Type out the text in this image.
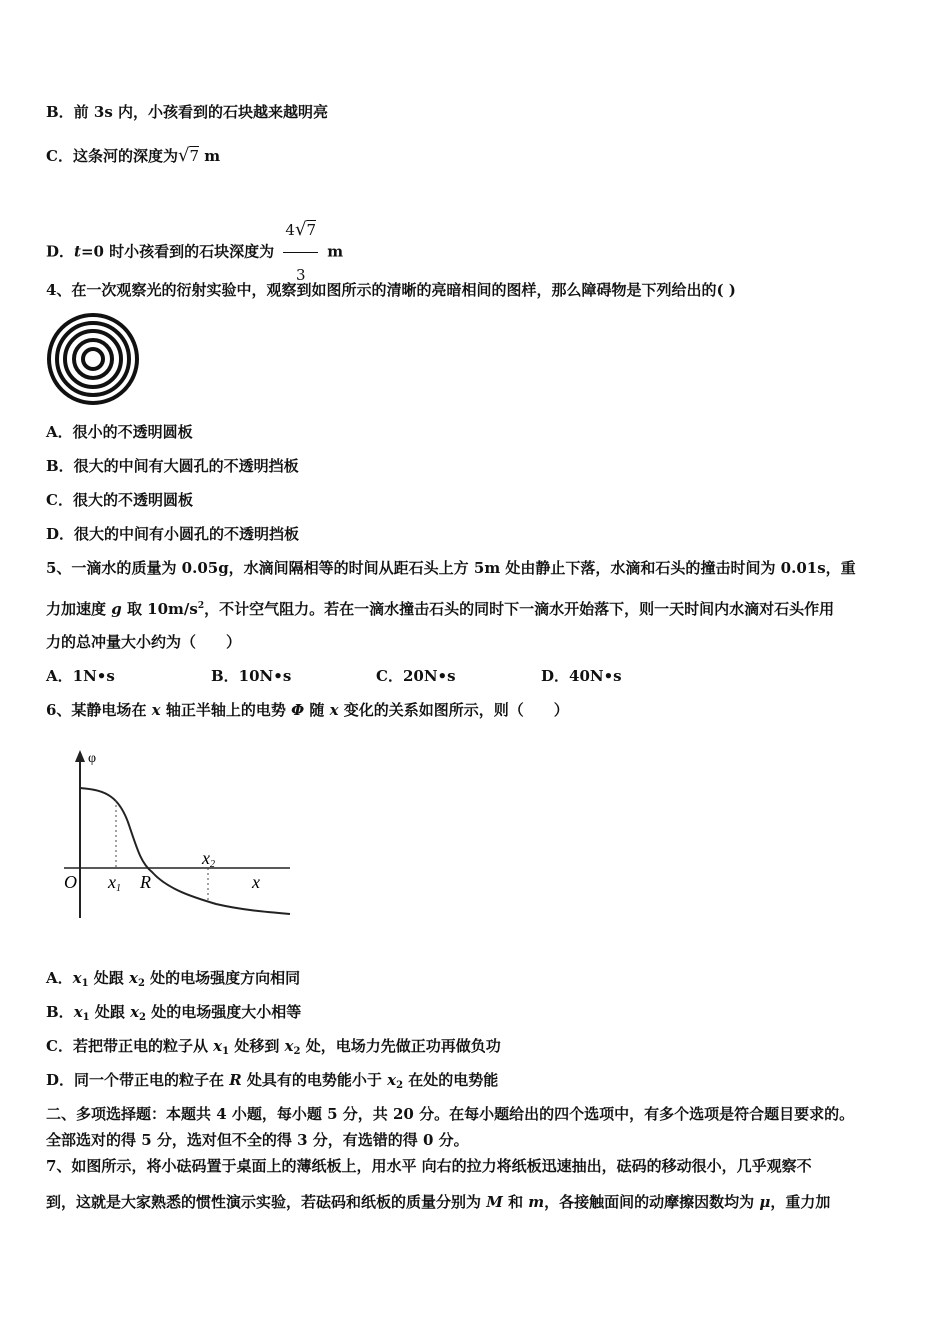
B．前 3s 内，小孩看到的石块越来越明亮
C．这条河的深度为√7 m
D．t=0 时小孩看到的石块深度为 $\frac{4√7}{3}$ m
4、在一次观察光的衍射实验中，观察到如图所示的清晰的亮暗相间的图样，那么障碍物是下列给出的( )
A．很小的不透明圆板
B．很大的中间有大圆孔的不透明挡板
C．很大的不透明圆板
D．很大的中间有小圆孔的不透明挡板
5、一滴水的质量为 0.05g，水滴间隔相等的时间从距石头上方 5m 处由静止下落，水滴和石头的撞击时间为 0.01s，重
力加速度 g 取 $10m/s^2$，不计空气阻力。若在一滴水撞击石头的同时下一滴水开始落下，则一天时间内水滴对石头作用
力的总冲量大小约为（　　）
A．1N•s	B．10N•s	C．20N•s	D．40N•s
6、某静电场在 x 轴正半轴上的电势 Φ 随 x 变化的关系如图所示，则（　　）
φ
O x1 R
x2
x
A．$x_1$ 处跟 $x_2$ 处的电场强度方向相同
B．$x_1$ 处跟 $x_2$ 处的电场强度大小相等
C．若把带正电的粒子从 $x_1$ 处移到 $x_2$ 处，电场力先做正功再做负功
D．同一个带正电的粒子在 R 处具有的电势能小于 $x_2$ 在处的电势能
二、多项选择题：本题共 4 小题，每小题 5 分，共 20 分。在每小题给出的四个选项中，有多个选项是符合题目要求的。
全部选对的得 5 分，选对但不全的得 3 分，有选错的得 0 分。
7、如图所示，将小砝码置于桌面上的薄纸板上，用水平 向右的拉力将纸板迅速抽出，砝码的移动很小，几乎观察不
到，这就是大家熟悉的惯性演示实验，若砝码和纸板的质量分别为 M 和 m，各接触面间的动摩擦因数均为 μ，重力加
